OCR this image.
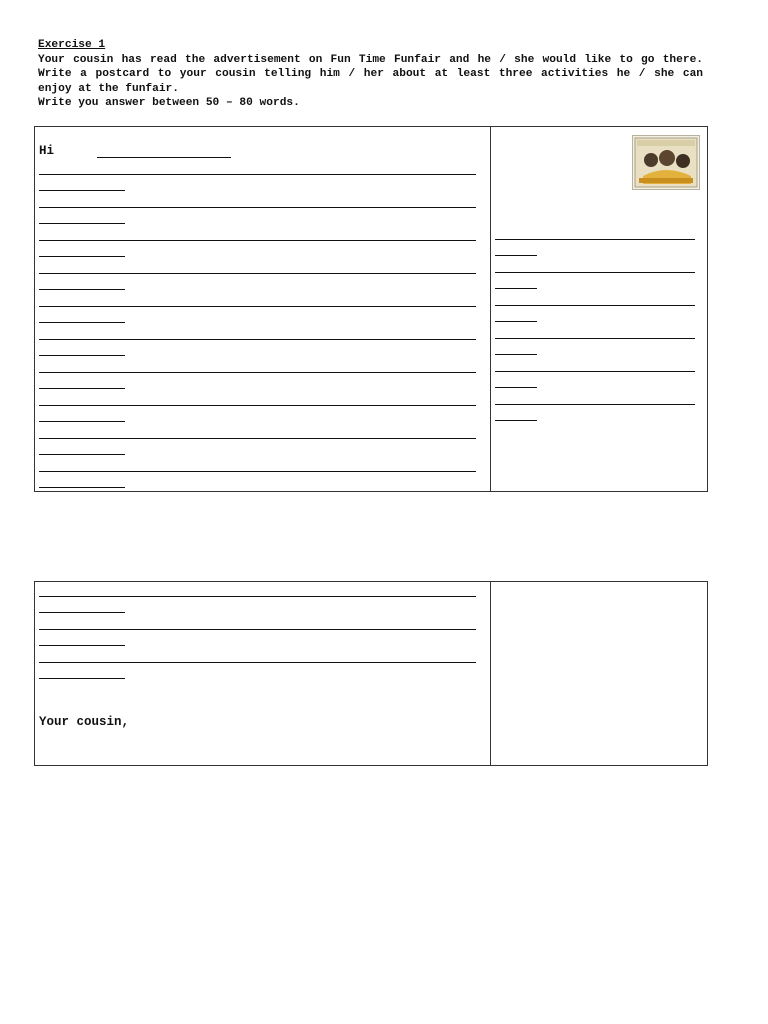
Exercise 1
Your cousin has read the advertisement on Fun Time Funfair and he / she would like to go there. Write a postcard to your cousin telling him / her about at least three activities he / she can enjoy at the funfair.
Write you answer between 50 – 80 words.
Hi
Your cousin,
